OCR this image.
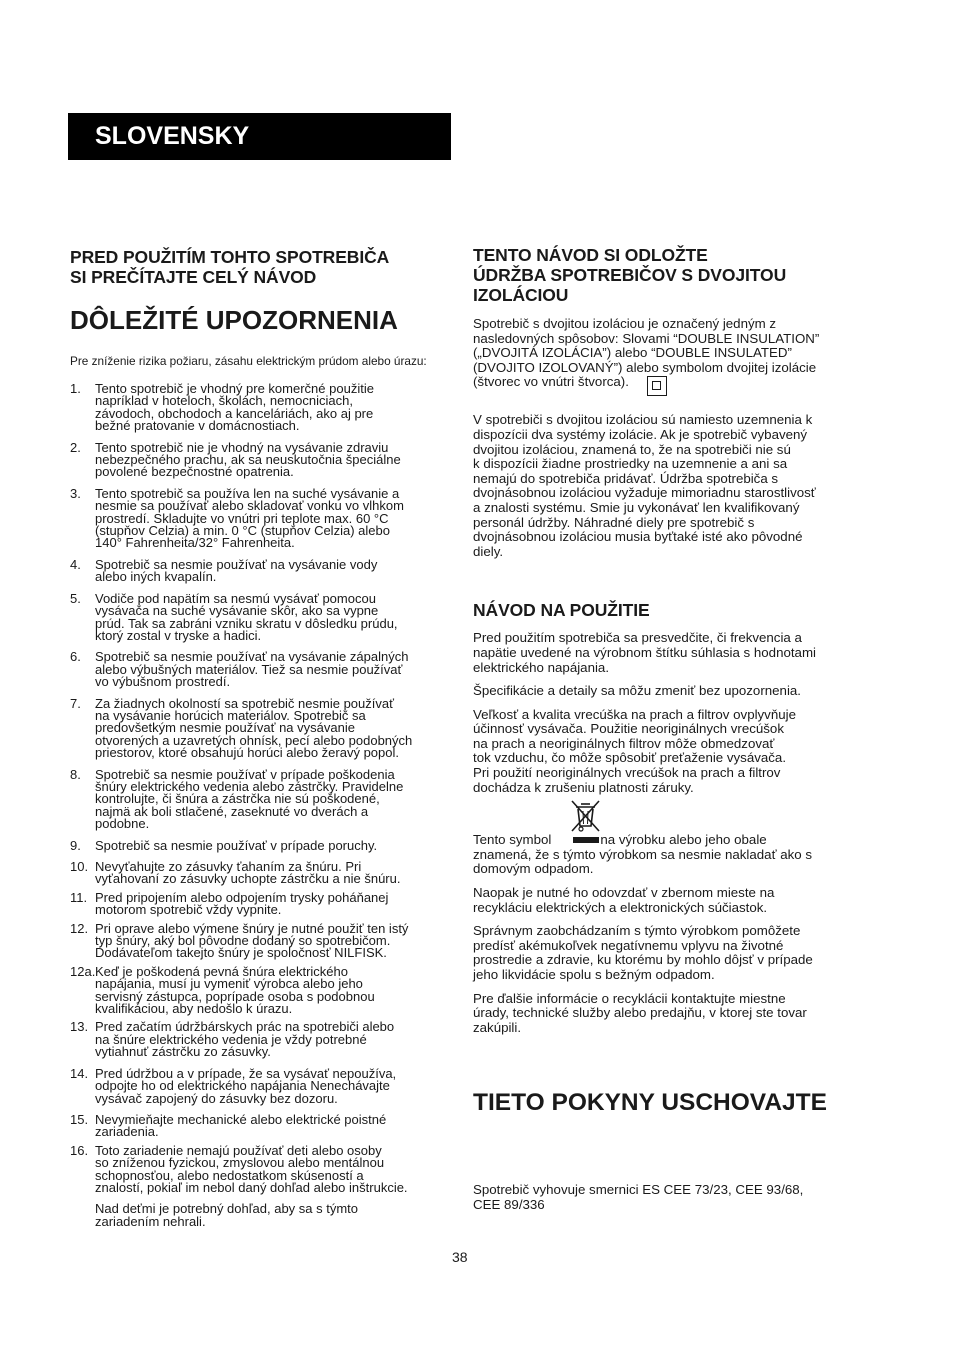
SLOVENSKY

PRED POUŽITÍM TOHTO SPOTREBIČA
SI PREČÍTAJTE CELÝ NÁVOD

DÔLEŽITÉ UPOZORNENIA

Pre zníženie rizika požiaru, zásahu elektrickým prúdom alebo úrazu:

1. Tento spotrebič je vhodný pre komerčné použitie
napríklad v hoteloch, školách, nemocniciach,
závodoch, obchodoch a kanceláriách, ako aj pre
bežné pratovanie v domácnostiach.
2. Tento spotrebič nie je vhodný na vysávanie zdraviu
nebezpečného prachu, ak sa neuskutočnia špeciálne
povolené bezpečnostné opatrenia.
3. Tento spotrebič sa používa len na suché vysávanie a
nesmie sa používať alebo skladovať vonku vo vlhkom
prostredí. Skladujte vo vnútri pri teplote max. 60 °C
(stupňov Celzia) a min. 0 °C (stupňov Celzia) alebo
140° Fahrenheita/32° Fahrenheita.
4. Spotrebič sa nesmie používať na vysávanie vody
alebo iných kvapalín.
5. Vodiče pod napätím sa nesmú vysávať pomocou
vysávača na suché vysávanie skôr, ako sa vypne
prúd. Tak sa zabráni vzniku skratu v dôsledku prúdu,
ktorý zostal v tryske a hadici.
6. Spotrebič sa nesmie používať na vysávanie zápalných
alebo výbušných materiálov. Tiež sa nesmie používať
vo výbušnom prostredí.
7. Za žiadnych okolností sa spotrebič nesmie používať
na vysávanie horúcich materiálov. Spotrebič sa
predovšetkým nesmie používať na vysávanie
otvorených a uzavretých ohnísk, pecí alebo podobných
priestorov, ktoré obsahujú horúci alebo žeravý popol.
8. Spotrebič sa nesmie používať v prípade poškodenia
šnúry elektrického vedenia alebo zástrčky. Pravidelne
kontrolujte, či šnúra a zástrčka nie sú poškodené,
najmä ak boli stlačené, zaseknuté vo dverách a
podobne.
9. Spotrebič sa nesmie používať v prípade poruchy.
10. Nevyťahujte zo zásuvky ťahaním za šnúru. Pri
vyťahovaní zo zásuvky uchopte zástrčku a nie šnúru.
11. Pred pripojením alebo odpojením trysky poháňanej
motorom spotrebič vždy vypnite.
12. Pri oprave alebo výmene šnúry je nutné použiť ten istý
typ šnúry, aký bol pôvodne dodaný so spotrebičom.
Dodávateľom takejto šnúry je spoločnosť NILFISK.
12a. Keď je poškodená pevná šnúra elektrického
napájania, musí ju vymeniť výrobca alebo jeho
servisný zástupca, poprípade osoba s podobnou
kvalifikáciou, aby nedošlo k úrazu.
13. Pred začatím údržbárskych prác na spotrebiči alebo
na šnúre elektrického vedenia je vždy potrebné
vytiahnuť zástrčku zo zásuvky.
14. Pred údržbou a v prípade, že sa vysávať nepoužíva,
odpojte ho od elektrického napájania Nenechávajte
vysávač zapojený do zásuvky bez dozoru.
15. Nevymieňajte mechanické alebo elektrické poistné
zariadenia.
16. Toto zariadenie nemajú používať deti alebo osoby
so zníženou fyzickou, zmyslovou alebo mentálnou
schopnosťou, alebo nedostatkom skúseností a
znalostí, pokiaľ im nebol daný dohľad alebo inštrukcie.
Nad deťmi je potrebný dohľad, aby sa s týmto
zariadením nehrali.

TENTO NÁVOD SI ODLOŽTE
ÚDRŽBA SPOTREBIČOV S DVOJITOU
IZOLÁCIOU

Spotrebič s dvojitou izoláciou je označený jedným z
nasledovných spôsobov: Slovami “DOUBLE INSULATION”
(„DVOJITÁ IZOLÁCIA”) alebo “DOUBLE INSULATED”
(DVOJITO IZOLOVANÝ”) alebo symbolom dvojitej izolácie
(štvorec vo vnútri štvorca).

V spotrebiči s dvojitou izoláciou sú namiesto uzemnenia k
dispozícii dva systémy izolácie. Ak je spotrebič vybavený
dvojitou izoláciou, znamená to, že na spotrebiči nie sú
k dispozícii žiadne prostriedky na uzemnenie a ani sa
nemajú do spotrebiča pridávať. Údržba spotrebiča s
dvojnásobnou izoláciou vyžaduje mimoriadnu starostlivosť
a znalosti systému. Smie ju vykonávať len kvalifikovaný
personál údržby. Náhradné diely pre spotrebič s
dvojnásobnou izoláciou musia byťtaké isté ako pôvodné
diely.

NÁVOD NA POUŽITIE

Pred použitím spotrebiča sa presvedčite, či frekvencia a
napätie uvedené na výrobnom štítku súhlasia s hodnotami
elektrického napájania.

Špecifikácie a detaily sa môžu zmeniť bez upozornenia.

Veľkosť a kvalita vrecúška na prach a filtrov ovplyvňuje
účinnosť vysávača. Použitie neoriginálnych vrecúšok
na prach a neoriginálnych filtrov môže obmedzovať
tok vzduchu, čo môže spôsobiť preťaženie vysávača.
Pri použití neoriginálnych vrecúšok na prach a filtrov
dochádza k zrušeniu platnosti záruky.

Tento symbol	na výrobku alebo jeho obale
znamená, že s týmto výrobkom sa nesmie nakladať ako s
domovým odpadom.

Naopak je nutné ho odovzdať v zbernom mieste na
recykláciu elektrických a elektronických súčiastok.

Správnym zaobchádzaním s týmto výrobkom pomôžete
predísť akémukoľvek negatívnemu vplyvu na životné
prostredie a zdravie, ku ktorému by mohlo dôjsť v prípade
jeho likvidácie spolu s bežným odpadom.

Pre ďalšie informácie o recyklácii kontaktujte miestne
úrady, technické služby alebo predajňu, v ktorej ste tovar
zakúpili.

TIETO POKYNY USCHOVAJTE

Spotrebič vyhovuje smernici ES CEE 73/23, CEE 93/68,
CEE 89/336

38
